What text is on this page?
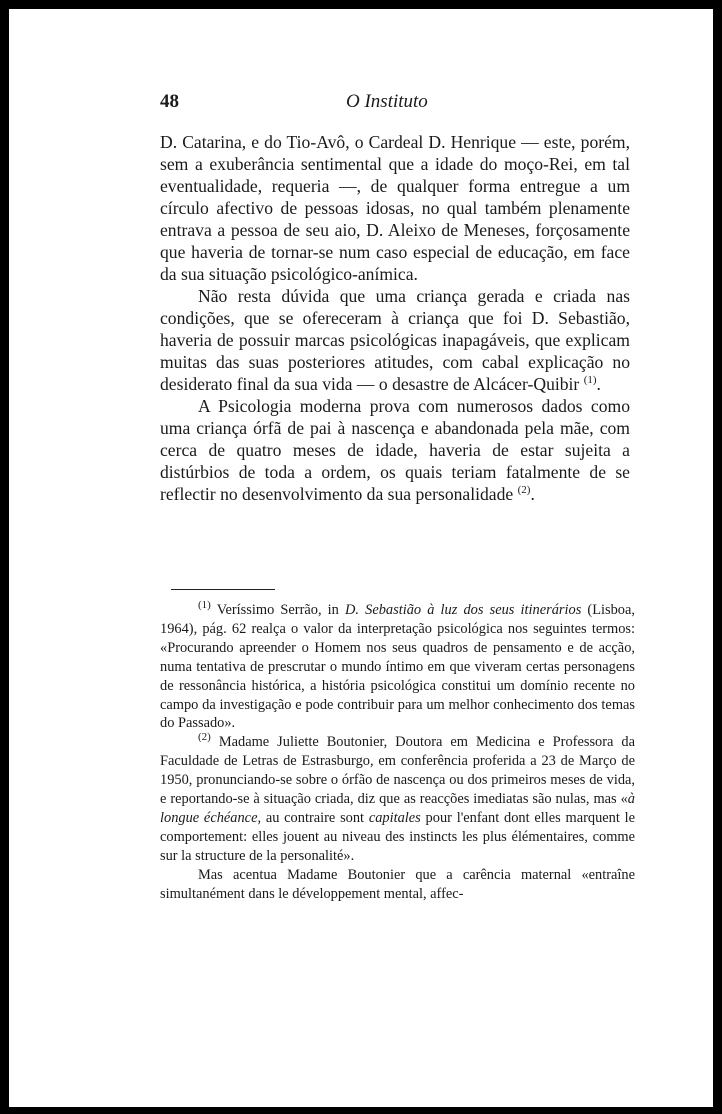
48	O Instituto

D. Catarina, e do Tio-Avô, o Cardeal D. Henrique — este, porém, sem a exuberância sentimental que a idade do moço-Rei, em tal eventualidade, requeria —, de qualquer forma entregue a um círculo afectivo de pessoas idosas, no qual também plenamente entrava a pessoa de seu aio, D. Aleixo de Meneses, forçosamente que haveria de tornar-se num caso especial de educação, em face da sua situação psicológico-anímica.

Não resta dúvida que uma criança gerada e criada nas condições, que se ofereceram à criança que foi D. Sebastião, haveria de possuir marcas psicológicas inapagáveis, que explicam muitas das suas posteriores atitudes, com cabal explicação no desiderato final da sua vida — o desastre de Alcácer-Quibir $^{(1)}$.

A Psicologia moderna prova com numerosos dados como uma criança órfã de pai à nascença e abandonada pela mãe, com cerca de quatro meses de idade, haveria de estar sujeita a distúrbios de toda a ordem, os quais teriam fatalmente de se reflectir no desenvolvimento da sua personalidade $^{(2)}$.

$^{(1)}$ Veríssimo Serrão, in D. Sebastião à luz dos seus itinerários (Lisboa, 1964), pág. 62 realça o valor da interpretação psicológica nos seguintes termos: «Procurando apreender o Homem nos seus quadros de pensamento e de acção, numa tentativa de prescrutar o mundo íntimo em que viveram certas personagens de ressonância histórica, a história psicológica constitui um domínio recente no campo da investigação e pode contribuir para um melhor conhecimento dos temas do Passado».

$^{(2)}$ Madame Juliette Boutonier, Doutora em Medicina e Professora da Faculdade de Letras de Estrasburgo, em conferência proferida a 23 de Março de 1950, pronunciando-se sobre o órfão de nascença ou dos primeiros meses de vida, e reportando-se à situação criada, diz que as reacções imediatas são nulas, mas «à longue échéance, au contraire sont capitales pour l'enfant dont elles marquent le comportement: elles jouent au niveau des instincts les plus élémentaires, comme sur la structure de la personalité».

Mas acentua Madame Boutonier que a carência maternal «entraîne simultanément dans le développement mental, affec-
